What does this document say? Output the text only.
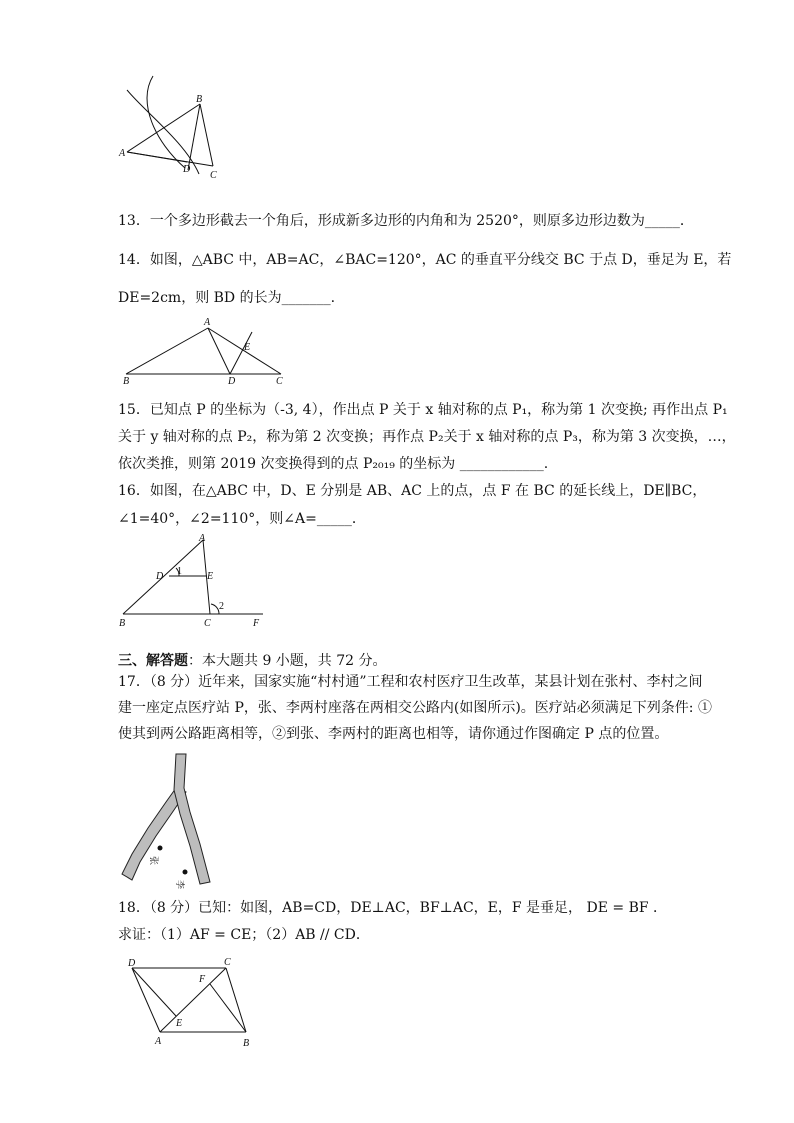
B
A
D
C
13．一个多边形截去一个角后，形成新多边形的内角和为 2520°，则原多边形边数为_____．
14．如图，△ABC 中，AB=AC，∠BAC=120°，AC 的垂直平分线交 BC 于点 D，垂足为 E，若
DE=2cm，则 BD 的长为_______.
A
E
B	D	C
15．已知点 P 的坐标为（-3, 4），作出点 P 关于 x 轴对称的点 P₁，称为第 1 次变换; 再作出点 P₁
关于 y 轴对称的点 P₂，称为第 2 次变换；再作点 P₂关于 x 轴对称的点 P₃，称为第 3 次变换，…，
依次类推，则第 2019 次变换得到的点 P₂₀₁₉ 的坐标为 ____________.
16．如图，在△ABC 中，D、E 分别是 AB、AC 上的点，点 F 在 BC 的延长线上，DE∥BC，
∠1=40°，∠2=110°，则∠A=_____．
A
D 1	E
2
B	C	F
三、解答题：本大题共 9 小题，共 72 分。
17．（8 分）近年来，国家实施“村村通”工程和农村医疗卫生改革，某县计划在张村、李村之间
建一座定点医疗站 P，张、李两村座落在两相交公路内(如图所示)。医疗站必须满足下列条件: ①
使其到两公路距离相等，②到张、李两村的距离也相等，请你通过作图确定 P 点的位置。
张
李
18．（8 分）已知：如图，AB=CD，DE⊥AC，BF⊥AC，E，F 是垂足， DE = BF ．
求证：（1）AF = CE；（2）AB // CD．
D	C
F
E
A	B
